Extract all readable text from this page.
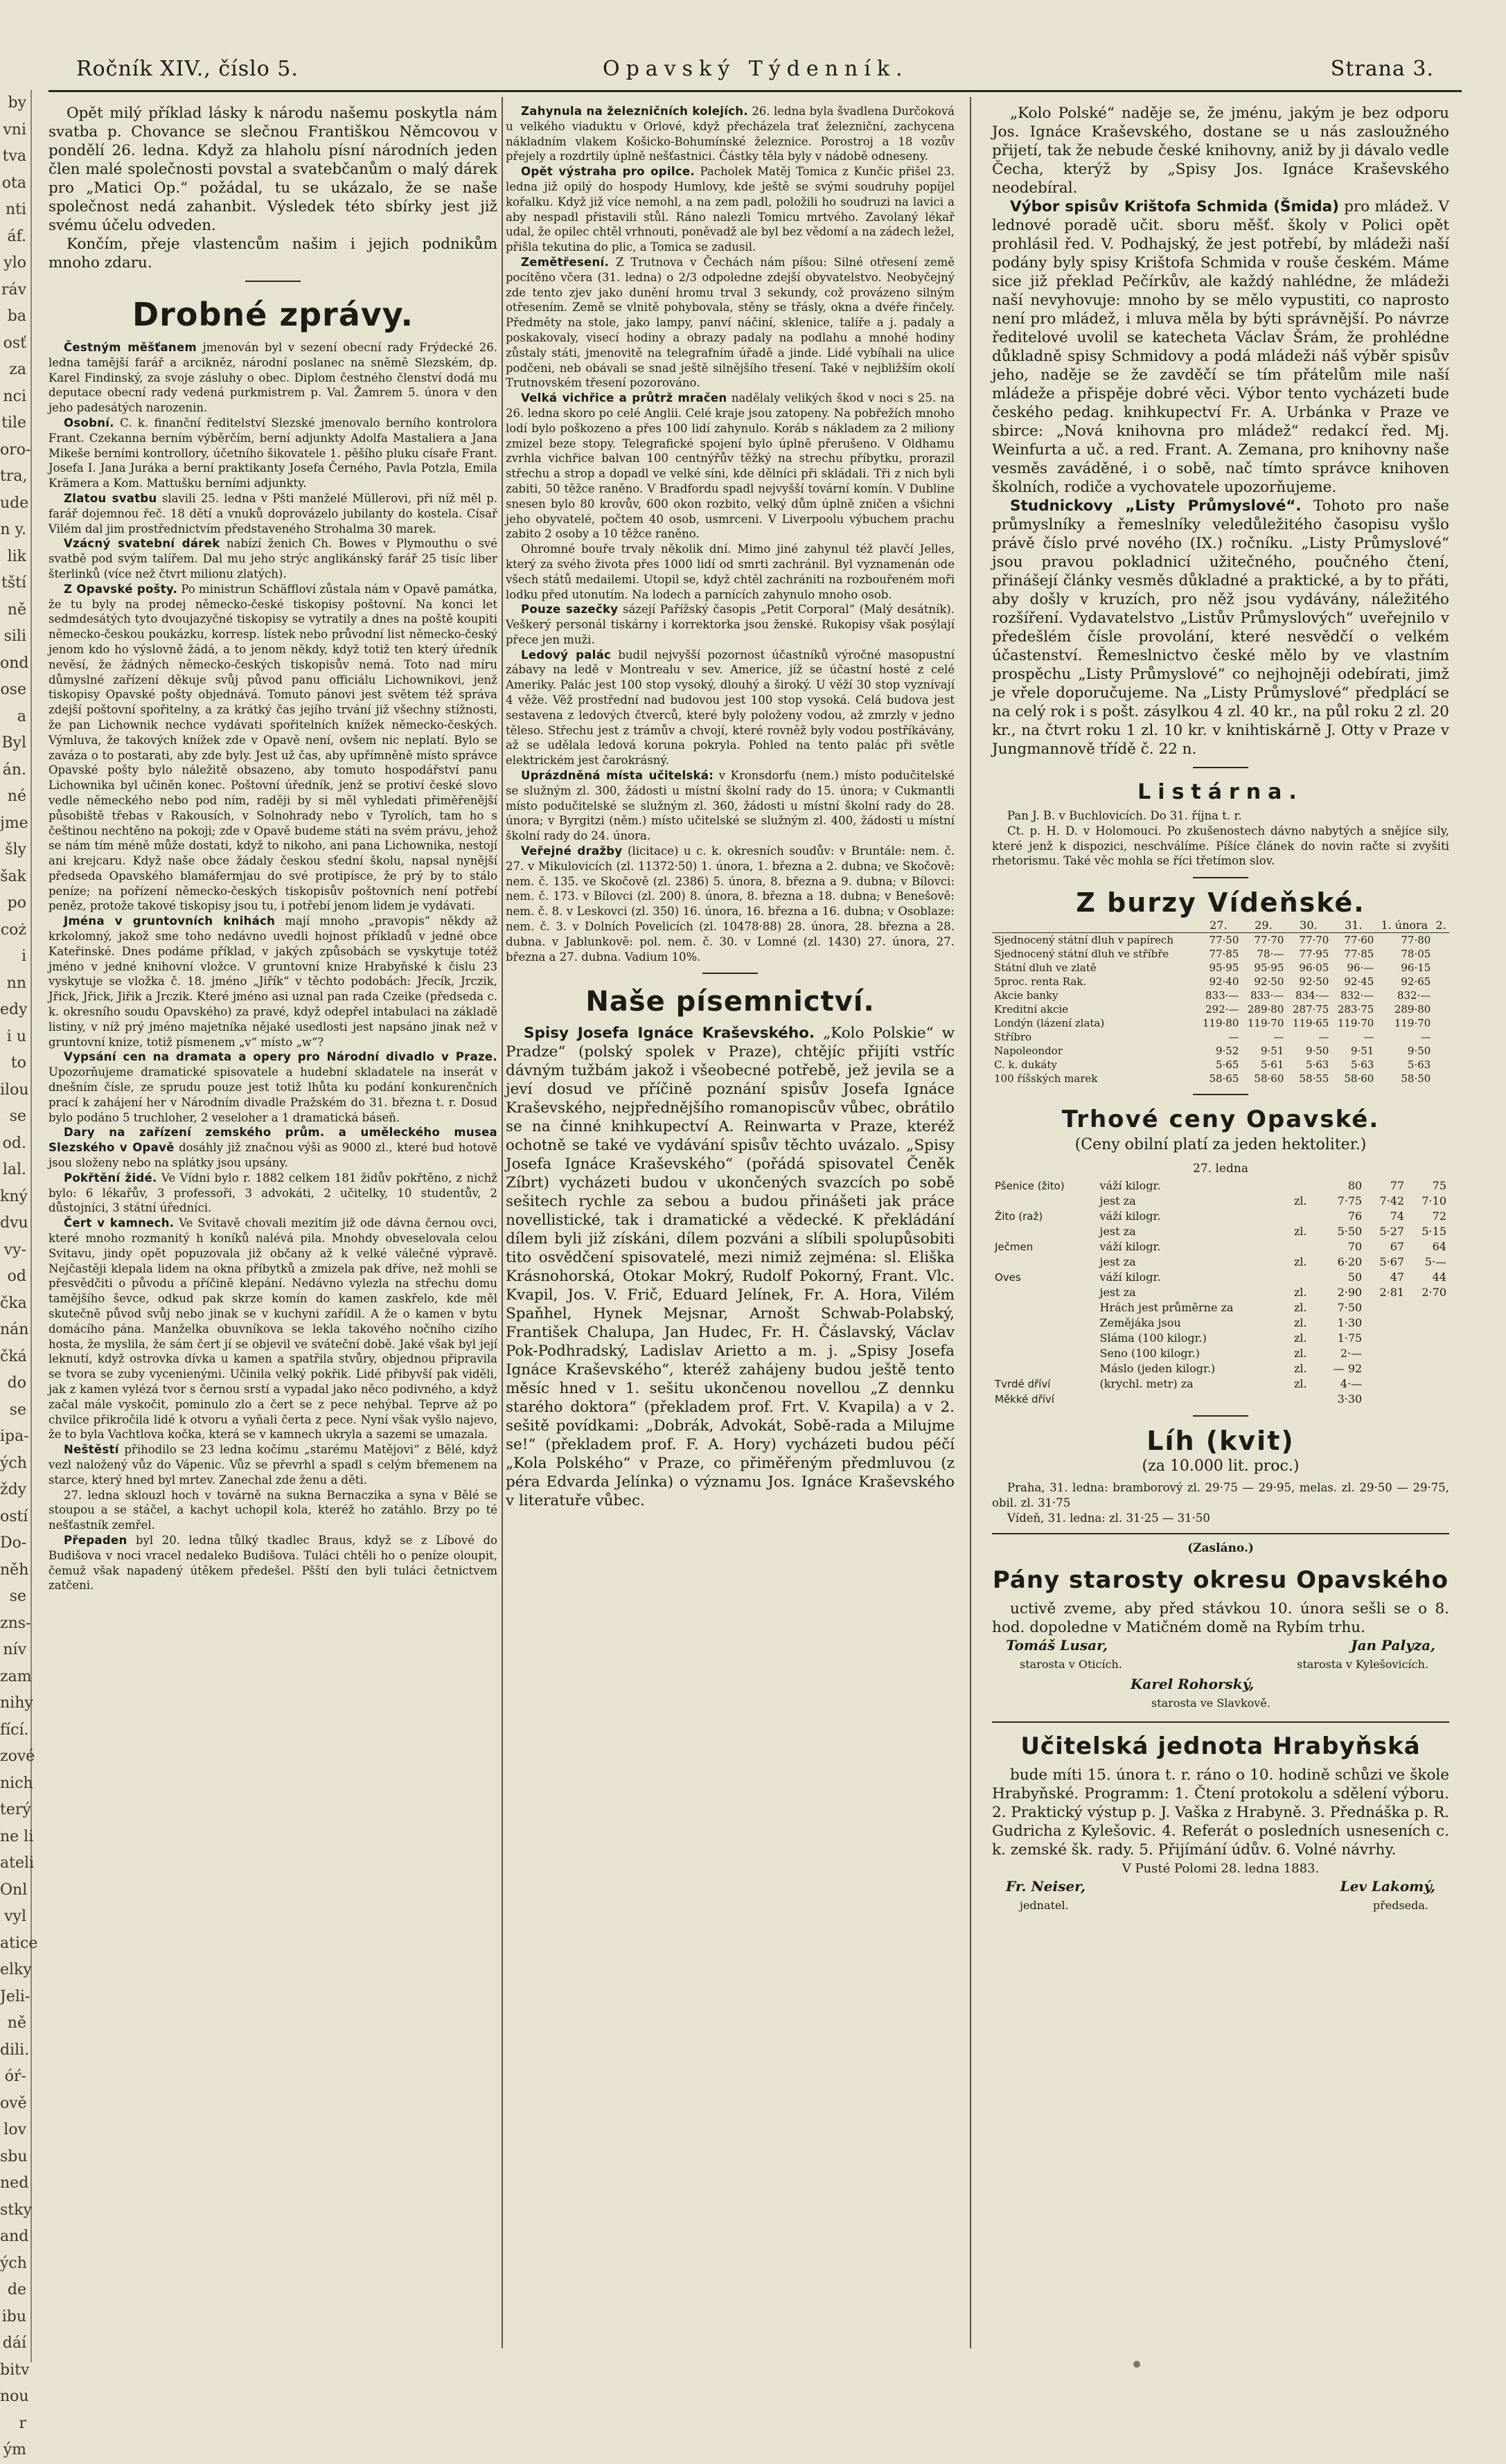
by
vni
tva
ota
nti
áf.
ylo
ráv
ba
osť
za
nci
tile
oro-
tra,
ude
n y.
lik
tští
ně
sili
ond
ose
a
Byl
án.
né
jme
šly
šak
po
coż
i
nn
edy
i u
to
ilou
se
od.
lal.
kný
dvu
vy-
od
čka
nán
čká
do
se
ipa-
ých
ždy
ostí
Do-
něh
se
zns-
nív
zam
nihy
fící.
zové
nich
terý
ne li
ateli
Onl
vyl
atice
elky
Jeli-
ně
dili.
óŕ-
ově
lov
sbu
ned
stky
and
ých
de
ibu
dáí
bitv
nou
r
ým
Ročník XIV., číslo 5.	Opavský Týdenník.	Strana 3.

Opět milý příklad lásky k národu našemu poskytla nám svatba p. Chovance se slečnou Františkou Němcovou v pondělí 26. ledna. Když za hlaholu písní národních jeden člen malé společnosti povstal a svatebčanům o malý dárek pro „Matici Op.“ požádal, tu se ukázalo, že se naše společnost nedá zahanbit. Výsledek této sbírky jest již svému účelu odveden.

Končím, přeje vlastencům našim i jejich podnikům mnoho zdaru.

Drobné zprávy.

Čestným měšťanem jmenován byl v sezení obecní rady Frýdecké 26. ledna tamější farář a arcikněz, národní poslanec na sněmě Slezském, dp. Karel Findinský, za svoje zásluhy o obec. Diplom čestného členství dodá mu deputace obecní rady vedená purkmistrem p. Val. Žamrem 5. února v den jeho padesátých narozenin.

Osobní. C. k. finanční ředitelství Slezské jmenovalo berního kontrolora Frant. Czekanna berním výběrčím, berní adjunkty Adolfa Mastaliera a Jana Mikeše berními kontrollory, účetního šikovatele 1. pěšího pluku císaře Frant. Josefa I. Jana Juráka a berní praktikanty Josefa Černého, Pavla Potzla, Emila Krämera a Kom. Mattušku berními adjunkty.

Zlatou svatbu slavili 25. ledna v Pšti manželé Müllerovi, při níž měl p. farář dojemnou řeč. 18 dětí a vnuků doprovázelo jubilanty do kostela. Císař Vilém dal jim prostřednictvím představeného Strohalma 30 marek.

Vzácný svatební dárek nabízí ženich Ch. Bowes v Plymouthu o své svatbě pod svým talířem. Dal mu jeho strýc anglikánský farář 25 tisíc liber šterlinků (více než čtvrt milionu zlatých).

Z Opavské pošty. Po ministrun Schäffloví zůstala nám v Opavě památka, že tu byly na prodej německo-české tiskopisy poštovní. Na konci let sedmdesátých tyto dvoujazyčné tiskopisy se vytratily a dnes na poště koupiti německo-českou poukázku, korresp. lístek nebo průvodní list německo-český jenom kdo ho výslovně žádá, a to jenom někdy, když totiž ten který úředník nevěsí, že žádných německo-českých tiskopisův nemá. Toto nad míru důmyslné zařízení děkuje svůj původ panu officiálu Lichownikovi, jenž tiskopisy Opavské pošty objednává. Tomuto pánovi jest světem též správa zdejší poštovní spořitelny, a za krátký čas jejího trvání již všechny stížnosti, že pan Lichownik nechce vydávati spořitelních knížek německo-českých. Výmluva, že takových knížek zde v Opavě není, ovšem nic neplatí. Bylo se zaváza o to postarati, aby zde byly. Jest už čas, aby upřímněně místo správce Opavské pošty bylo náležitě obsazeno, aby tomuto hospodářství panu Lichownika byl učiněn konec. Poštovní úředník, jenž se protiví české slovo vedle německého nebo pod ním, raději by si měl vyhledati přiměřenější působiště třebas v Rakousích, v Solnohrady nebo v Tyrolích, tam ho s češtinou nechtěno na pokoji; zde v Opavě budeme státi na svém právu, jehož se nám tím méně může dostati, když to nikoho, ani pana Lichownika, nestojí ani krejcaru. Když naše obce žádaly českou sťední školu, napsal nynější předseda Opavského blamáfermjau do své protipísce, že prý by to stálo peníze; na pořízení německo-českých tiskopisův poštovních není potřebí peněz, protože takové tiskopisy jsou tu, i potřebí jenom lidem je vydávati.

Jména v gruntovních knihách mají mnoho „pravopis“ někdy až krkolomný, jakož sme toho nedávno uvedli hojnost příkladů v jedné obce Kateřinské. Dnes podáme příklad, v jakých způsobách se vyskytuje totéž jméno v jedné knihovní vložce. V gruntovní knize Hrabyňské k čislu 23 vyskytuje se vložka č. 18. jméno „Jiřík“ v těchto podobách: Jřecík, Jrczik, Jřick, Jřick, Jiřik a Jrczik. Které jméno asi uznal pan rada Czeike (předseda c. k. okresního soudu Opavského) za pravé, když odepřel intabulaci na základě listiny, v níž prý jméno majetníka nějaké usedlosti jest napsáno jinak než v gruntovní knize, totiž písmenem „v“ místo „w“?

Vypsání cen na dramata a opery pro Národní divadlo v Praze. Upozorňujeme dramatické spisovatele a hudební skladatele na inserát v dnešním čísle, ze sprudu pouze jest totiž lhůta ku podání konkurenčních prací k zahájení her v Národním divadle Pražském do 31. března t. r. Dosud bylo podáno 5 truchloher, 2 veseloher a 1 dramatická báseň.

Dary na zařízení zemského prům. a uměleckého musea Slezského v Opavě dosáhly již značnou výši as 9000 zl., které bud hotově jsou složeny nebo na splátky jsou upsány.

Pokřtění židé. Ve Vídni bylo r. 1882 celkem 181 židův pokřtěno, z nichž bylo: 6 lékařův, 3 professoři, 3 advokáti, 2 učitelky, 10 studentův, 2 důstojníci, 3 státní úředníci.

Čert v kamnech. Ve Svitavě chovali mezitím již ode dávna černou ovci, které mnoho rozmanitý h koníků nalévá pila. Mnohdy obveselovala celou Svitavu, jindy opět popuzovala již občany až k velké válečné výpravě. Nejčastěji klepala lidem na okna příbytků a zmizela pak dříve, než mohli se přesvědčiti o původu a příčině klepání. Nedávno vylezla na střechu domu tamějšího ševce, odkud pak skrze komín do kamen zaskřelo, kde měl skutečně původ svůj nebo jinak se v kuchyni zařídil. A že o kamen v bytu domácího pána. Manželka obuvníkova se lekla takového nočního cizího hosta, že myslila, že sám čert jí se objevil ve sváteční době. Jaké však byl její leknutí, když ostrovka dívka u kamen a spatřila stvůry, objednou připravila se tvora se zuby vycenienými. Učinila velký pokřik. Lidé přibyvší pak viděli, jak z kamen vylézá tvor s černou srstí a vypadal jako něco podivného, a když začal mále vyskočit, pominulo zlo a čert se z pece nehýbal. Teprve až po chvilce přikročila lidé k otvoru a vyňali čerta z pece. Nyní však vyšlo najevo, že to byla Vachtlova kočka, která se v kamnech ukryla a sazemi se umazala.

Neštěstí přihodilo se 23 ledna kočímu „starému Matějovi“ z Bělé, když vezl naložený vůz do Vápenic. Vůz se převrhl a spadl s celým břemenem na starce, který hned byl mrtev. Zanechal zde ženu a děti.

27. ledna sklouzl hoch v továrně na sukna Bernaczika a syna v Bělé se stoupou a se stáčel, a kachyt uchopil kola, kteréž ho zatáhlo. Brzy po té nešťastník zemřel.

Přepaden byl 20. ledna tůlký tkadlec Braus, když se z Líbové do Budišova v noci vracel nedaleko Budišova. Tuláci chtěli ho o peníze oloupit, čemuž však napadený útěkem předešel. Pšští den byli tuláci četnictvem zatčeni.

Zahynula na železničních kolejích. 26. ledna byla švadlena Durčoková u velkého viaduktu v Orlové, když přecházela trať železniční, zachycena nákladním vlakem Košicko-Bohumínské železnice. Porostroj a 18 vozův přejely a rozdrtily úplně nešťastnici. Částky těla byly v nádobě odneseny.

Opět výstraha pro opilce. Pacholek Matěj Tomica z Kunčic přišel 23. ledna již opilý do hospody Humlovy, kde ještě se svými soudruhy popíjel kořalku. Když již více nemohl, a na zem padl, položili ho soudruzi na lavici a aby nespadl přistavili stůl. Ráno nalezli Tomicu mrtvého. Zavolaný lékař udal, že opilec chtěl vrhnouti, poněvadž ale byl bez vědomí a na zádech ležel, přišla tekutina do plic, a Tomica se zadusil.

Zemětřesení. Z Trutnova v Čechách nám píšou: Silné otřesení země pocítěno včera (31. ledna) o 2/3 odpoledne zdejší obyvatelstvo. Neobyčejný zde tento zjev jako dunění hromu trval 3 sekundy, což provázeno silným otřesením. Země se vlnitě pohybovala, stěny se třásly, okna a dvéře řinčely. Předměty na stole, jako lampy, panví náčiní, sklenice, talíře a j. padaly a poskakovaly, visecí hodiny a obrazy padaly na podlahu a mnohé hodiny zůstaly státi, jmenovitě na telegrafním úřadě a jinde. Lidé vybíhali na ulice podčeni, neb obávali se snad ještě silnějšího třesení. Také v nejbližším okolí Trutnovském třesení pozorováno.

Velká vichřice a průtrž mračen nadělaly velikých škod v noci s 25. na 26. ledna skoro po celé Anglii. Celé kraje jsou zatopeny. Na pobřežích mnoho lodí bylo poškozeno a přes 100 lidí zahynulo. Koráb s nákladem za 2 miliony zmizel beze stopy. Telegrafické spojení bylo úplně přerušeno. V Oldhamu zvrhla vichřice balvan 100 centnýřův těžký na strechu příbytku, prorazil střechu a strop a dopadl ve velké síni, kde dělníci při skládali. Tři z nich byli zabiti, 50 těžce raněno. V Bradfordu spadl nejvyšší tovární komín. V Dubline snesen bylo 80 krovův, 600 okon rozbito, velký dům úplně zničen a všichni jeho obyvatelé, počtem 40 osob, usmrceni. V Liverpoolu výbuchem prachu zabito 2 osoby a 10 těžce raněno.

Ohromné bouře trvaly několik dní. Mimo jiné zahynul též plavčí Jelles, který za svého života přes 1000 lidí od smrti zachránil. Byl vyznamenán ode všech států medailemi. Utopil se, když chtěl zachrániti na rozbouřeném moři lodku před utonutím. Na lodech a parnících zahynulo mnoho osob.

Pouze sazečky sázejí Pařížský časopis „Petit Corporal“ (Malý desátník). Veškerý personál tiskárny i korrektorka jsou ženské. Rukopisy však posýlají přece jen muži.

Ledový palác budil nejvyšší pozornost účastníků výročné masopustní zábavy na ledě v Montrealu v sev. Americe, jíž se účastní hosté z celé Ameriky. Palác jest 100 stop vysoký, dlouhý a široký. U věží 30 stop vyznívají 4 věže. Věž prostřední nad budovou jest 100 stop vysoká. Celá budova jest sestavena z ledových čtverců, které byly položeny vodou, až zmrzly v jedno těleso. Střechu jest z trámův a chvojí, které rovněž byly vodou postříkávány, až se udělala ledová koruna pokryla. Pohled na tento palác při světle elektrickém jest čarokrásný.

Uprázdněná místa učitelská: v Kronsdorfu (nem.) místo podučitelské se služným zl. 300, žádosti u místní školní rady do 15. února; v Cukmantli místo podučitelské se služným zl. 360, žádosti u místní školní rady do 28. února; v Byrgitzi (něm.) místo učitelské se služným zl. 400, žádosti u místní školní rady do 24. února.

Veřejné dražby (licitace) u c. k. okresních soudův: v Bruntále: nem. č. 27. v Mikulovicích (zl. 11372·50) 1. února, 1. března a 2. dubna; ve Skočově: nem. č. 135. ve Skočově (zl. 2386) 5. února, 8. března a 9. dubna; v Bílovci: nem. č. 173. v Bílovci (zl. 200) 8. února, 8. března a 18. dubna; v Benešově: nem. č. 8. v Leskovci (zl. 350) 16. února, 16. března a 16. dubna; v Osoblaze: nem. č. 3. v Dolních Povelicích (zl. 10478·88) 28. února, 28. března a 28. dubna. v Jablunkově: pol. nem. č. 30. v Lomné (zl. 1430) 27. února, 27. března a 27. dubna. Vadium 10%.

Naše písemnictví.

Spisy Josefa Ignáce Kraševského. „Kolo Polskie“ w Pradze“ (polský spolek v Praze), chtějíc přijíti vstříc dávným tužbám jakož i všeobecné potřebě, jež jevila se a jeví dosud ve příčině poznání spisův Josefa Ignáce Kraševského, nejpřednějšího romanopiscův vůbec, obrátilo se na činné knihkupectví A. Reinwarta v Praze, kteréž ochotně se také ve vydávání spisův těchto uvázalo. „Spisy Josefa Ignáce Kraševského“ (pořádá spisovatel Čeněk Zíbrt) vycházeti budou v ukončených svazcích po sobě sešitech rychle za sebou a budou přinášeti jak práce novellistické, tak i dramatické a vědecké. K překládání dílem byli již získáni, dílem pozváni a slíbili spolupůsobiti tito osvědčení spisovatelé, mezi nimiž zejména: sl. Eliška Krásnohorská, Otokar Mokrý, Rudolf Pokorný, Frant. Vlc. Kvapil, Jos. V. Frič, Eduard Jelínek, Fr. A. Hora, Vilém Spaňhel, Hynek Mejsnar, Arnošt Schwab-Polabský, František Chalupa, Jan Hudec, Fr. H. Čáslavský, Václav Pok-Podhradský, Ladislav Arietto a m. j. „Spisy Josefa Ignáce Kraševského“, kteréž zahájeny budou ještě tento měsíc hned v 1. sešitu ukončenou novellou „Z dennku starého doktora“ (překladem prof. Frt. V. Kvapila) a v 2. sešitě povídkami: „Dobrák, Advokát, Sobě-rada a Milujme se!“ (překladem prof. F. A. Hory) vycházeti budou péčí „Kola Polského“ v Praze, co přiměřeným předmluvou (z péra Edvarda Jelínka) o významu Jos. Ignáce Kraševského v literatuře vůbec.

„Kolo Polské“ naděje se, že jménu, jakým je bez odporu Jos. Ignáce Kraševského, dostane se u nás zasloužného přijetí, tak že nebude české knihovny, aniž by ji dávalo vedle Čecha, kterýž by „Spisy Jos. Ignáce Kraševského neodebíral.

Výbor spisův Krištofa Schmida (Šmida) pro mládež. V lednové poradě učit. sboru měšť. školy v Polici opět prohlásil řed. V. Podhajský, že jest potřebí, by mládeži naší podány byly spisy Krištofa Schmida v rouše českém. Máme sice již překlad Pečírkův, ale každý nahlédne, že mládeži naší nevyhovuje: mnoho by se mělo vypustiti, co naprosto není pro mládež, i mluva měla by býti správnější. Po návrze ředitelové uvolil se katecheta Václav Šrám, že prohlédne důkladně spisy Schmidovy a podá mládeži náš výběr spisův jeho, naděje se že zavděčí se tím přátelům mile naší mládeže a přispěje dobré věci. Výbor tento vycházeti bude českého pedag. knihkupectví Fr. A. Urbánka v Praze ve sbirce: „Nová knihovna pro mládež“ redakcí řed. Mj. Weinfurta a uč. a red. Frant. A. Zemana, pro knihovny naše vesměs zaváděné, i o sobě, nač tímto správce knihoven školních, rodiče a vychovatele upozorňujeme.

Studnickovy „Listy Průmyslové“. Tohoto pro naše průmyslníky a řemeslníky veledůležitého časopisu vyšlo právě číslo prvé nového (IX.) ročníku. „Listy Průmyslové“ jsou pravou pokladnicí užitečného, poučného čtení, přinášejí články vesměs důkladné a praktické, a by to přáti, aby došly v kruzích, pro něž jsou vydávány, náležitého rozšíření. Vydavatelstvo „Listův Průmyslových“ uveřejnilo v předešlém čísle provolání, které nesvědčí o velkém účastenství. Řemeslnictvo české mělo by ve vlastním prospěchu „Listy Průmyslové“ co nejhojněji odebírati, jimž je vřele doporučujeme. Na „Listy Průmyslové“ předplácí se na celý rok i s pošt. zásylkou 4 zl. 40 kr., na půl roku 2 zl. 20 kr., na čtvrt roku 1 zl. 10 kr. v knihtiskárně J. Otty v Praze v Jungmannově třídě č. 22 n.

Listárna.

Pan J. B. v Buchlovicích. Do 31. října t. r.

Ct. p. H. D. v Holomouci. Po zkušenostech dávno nabytých a snějíce sily, které jenž k dispozici, neschválíme. Píšíce článek do novin račte si zvyšiti rhetorismu. Také věc mohla se říci třetímon slov.

Z burzy Vídeňské.
	27.	29.	30.	31.	1. února	2.
Sjednocený státní dluh v papírech	77·50	77·70	77·70	77·60	77·80	
Sjednocený státní dluh ve stříbře	77·85	78·—	77·95	77·85	78·05	
Státní dluh ve zlatě	95·95	95·95	96·05	96·—	96·15	
5proc. renta Rak.	92·40	92·50	92·50	92·45	92·65	
Akcie banky	833·—	833·—	834·—	832·—	832·—	
Kreditní akcie	292·—	289·80	287·75	283·75	289·80	
Londýn (lázení zlata)	119·80	119·70	119·65	119·70	119·70	
Stříbro	—	—	—	—	—	
Napoleondor	9·52	9·51	9·50	9·51	9·50	
C. k. dukáty	5·65	5·61	5·63	5·63	5·63	
100 říšských marek	58·65	58·60	58·55	58·60	58·50	
Trhové ceny Opavské.
(Ceny obilní platí za jeden hektoliter.)
27. ledna
Pšenice (žito)	váží kilogr.		80	77	75
	jest za	zl.	7·75	7·42	7·10
Žito (raž)	váží kilogr.		76	74	72
	jest za	zl.	5·50	5·27	5·15
Ječmen	váží kilogr.		70	67	64
	jest za	zl.	6·20	5·67	5·—
Oves	váží kilogr.		50	47	44
	jest za	zl.	2·90	2·81	2·70
	Hrách jest průměrne za	zl.	7·50		
	Zemějáka jsou	zl.	1·30		
	Sláma (100 kilogr.)	zl.	1·75		
	Seno (100 kilogr.)	zl.	2·—		
	Máslo (jeden kilogr.)	zl.	— 92		
Tvrdé dříví	(krychl. metr) za	zl.	4·—		
Měkké dříví			3·30		
Líh (kvit)
(za 10.000 lit. proc.)

Praha, 31. ledna: bramborový zl. 29·75 — 29·95, melas. zl. 29·50 — 29·75, obil. zl. 31·75

Vídeň, 31. ledna: zl. 31·25 — 31·50

(Zasláno.)
Pány starosty okresu Opavského

uctivě zveme, aby před stávkou 10. února sešli se o 8. hod. dopoledne v Matičném domě na Rybím trhu.

Tomáš Lusar,	Jan Palyza,
starosta v Oticích.	starosta v Kylešovicích.
Karel Rohorský,
starosta ve Slavkově.
Učitelská jednota Hrabyňská

bude míti 15. února t. r. ráno o 10. hodině schůzi ve škole Hrabyňské. Programm: 1. Čtení protokolu a sdělení výboru. 2. Praktický výstup p. J. Vaška z Hrabyně. 3. Přednáška p. R. Gudricha z Kylešovic. 4. Referát o posledních usneseních c. k. zemské šk. rady. 5. Přijímání údův. 6. Volné návrhy.

V Pusté Polomi 28. ledna 1883.

Fr. Neiser,	Lev Lakomý,
jednatel.	předseda.
